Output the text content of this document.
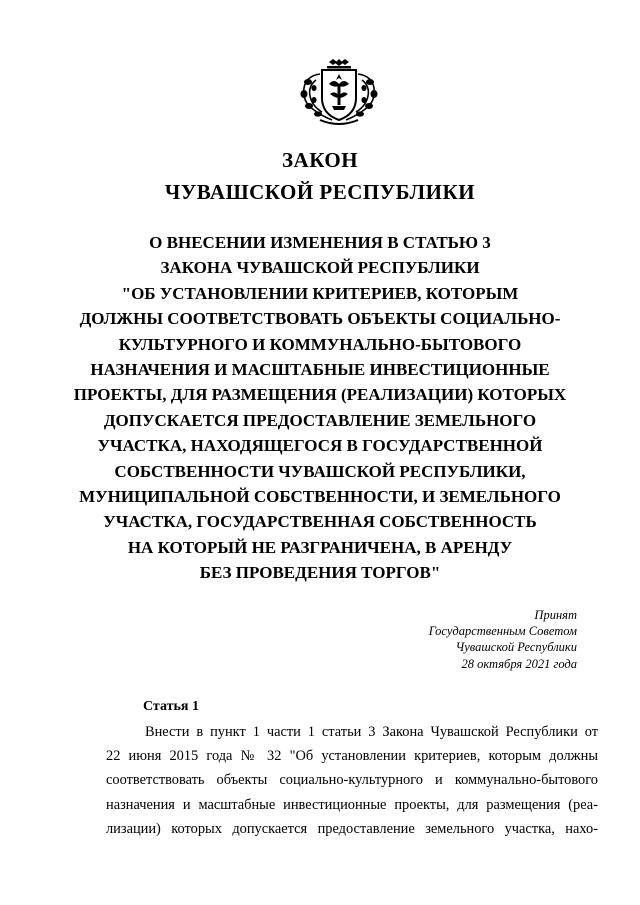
ЗАКОН
ЧУВАШСКОЙ РЕСПУБЛИКИ
О ВНЕСЕНИИ ИЗМЕНЕНИЯ В СТАТЬЮ 3
ЗАКОНА ЧУВАШСКОЙ РЕСПУБЛИКИ
"ОБ УСТАНОВЛЕНИИ КРИТЕРИЕВ, КОТОРЫМ
ДОЛЖНЫ СООТВЕТСТВОВАТЬ ОБЪЕКТЫ СОЦИАЛЬНО-
КУЛЬТУРНОГО И КОММУНАЛЬНО-БЫТОВОГО
НАЗНАЧЕНИЯ И МАСШТАБНЫЕ ИНВЕСТИЦИОННЫЕ
ПРОЕКТЫ, ДЛЯ РАЗМЕЩЕНИЯ (РЕАЛИЗАЦИИ) КОТОРЫХ
ДОПУСКАЕТСЯ ПРЕДОСТАВЛЕНИЕ ЗЕМЕЛЬНОГО
УЧАСТКА, НАХОДЯЩЕГОСЯ В ГОСУДАРСТВЕННОЙ
СОБСТВЕННОСТИ ЧУВАШСКОЙ РЕСПУБЛИКИ,
МУНИЦИПАЛЬНОЙ СОБСТВЕННОСТИ, И ЗЕМЕЛЬНОГО
УЧАСТКА, ГОСУДАРСТВЕННАЯ СОБСТВЕННОСТЬ
НА КОТОРЫЙ НЕ РАЗГРАНИЧЕНА, В АРЕНДУ
БЕЗ ПРОВЕДЕНИЯ ТОРГОВ"
Принят
Государственным Советом
Чувашской Республики
28 октября 2021 года
Статья 1
Внести в пункт 1 части 1 статьи 3 Закона Чувашской Республики от
22 июня 2015 года № 32 "Об установлении критериев, которым должны
соответствовать объекты социально-культурного и коммунально-бытового
назначения и масштабные инвестиционные проекты, для размещения (реа-
лизации) которых допускается предоставление земельного участка, нахо-
